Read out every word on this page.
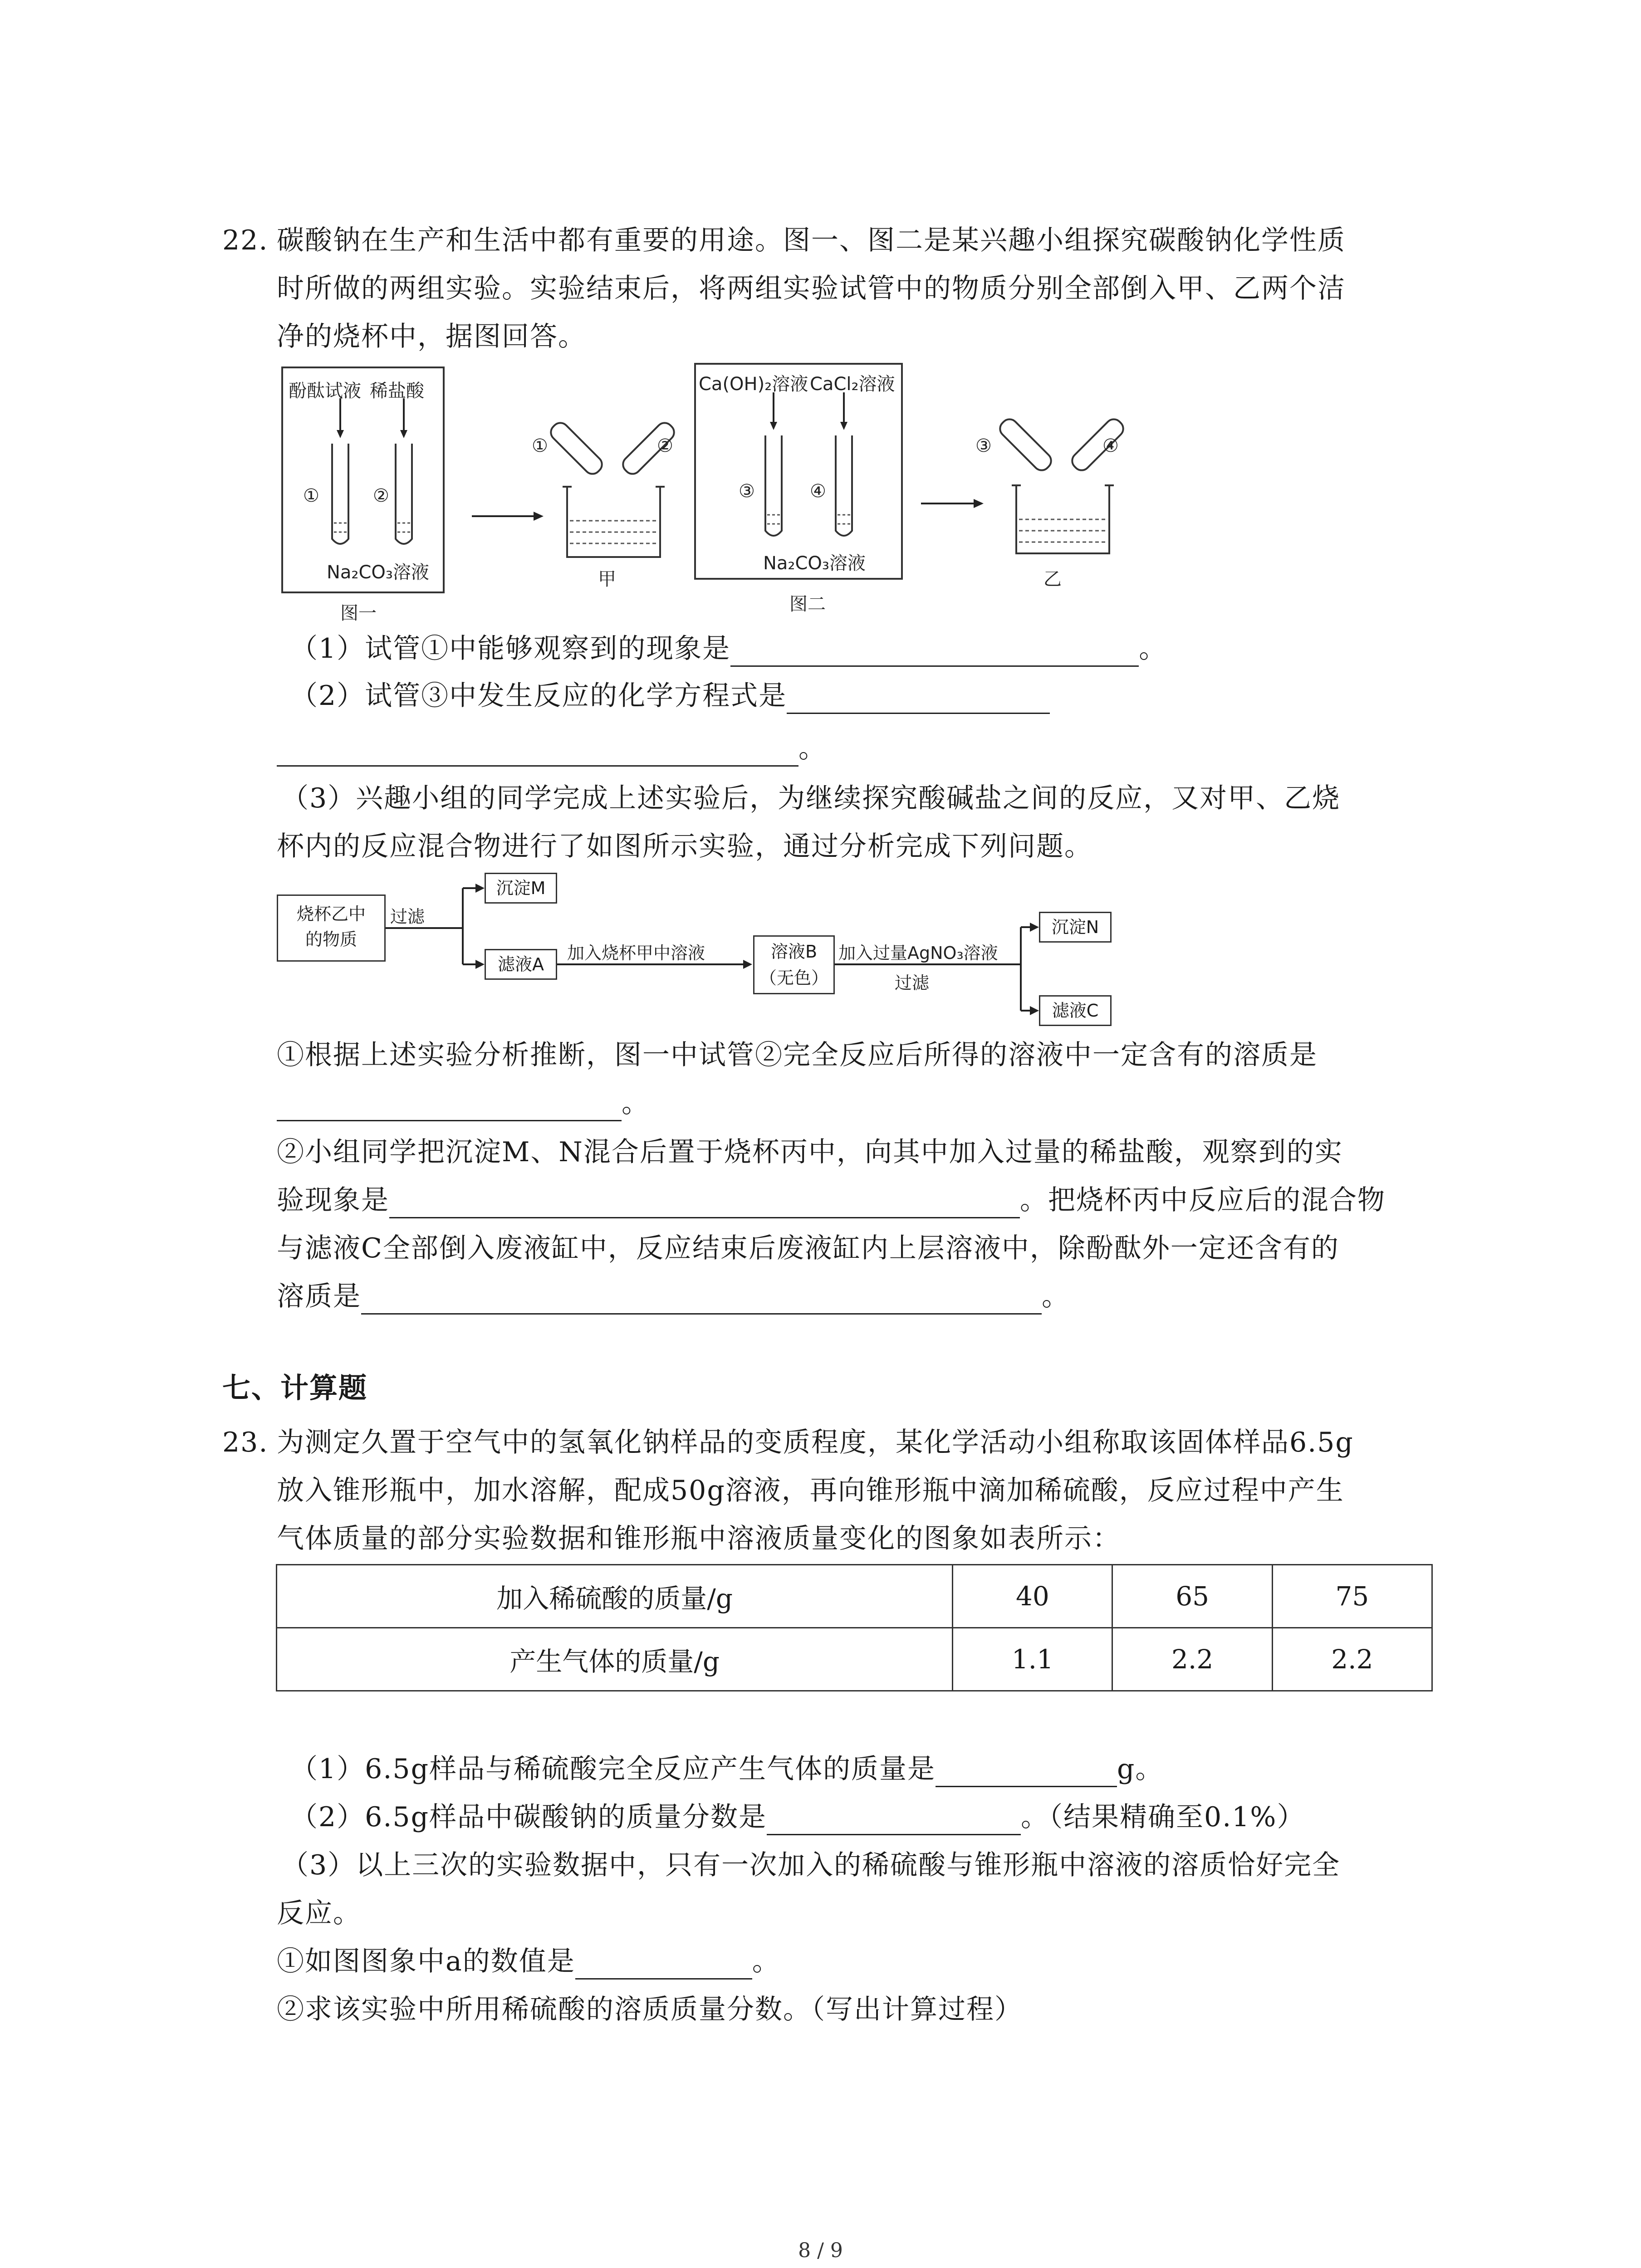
22. 碳酸钠在生产和生活中都有重要的用途。图一、图二是某兴趣小组探究碳酸钠化学性质
时所做的两组实验。实验结束后，将两组实验试管中的物质分别全部倒入甲、乙两个洁
净的烧杯中，据图回答。
酚酞试液 稀盐酸
①	②
Na₂CO₃溶液
图一
①	②
甲
Ca(OH)₂溶液 CaCl₂溶液
③	④
Na₂CO₃溶液
图二
③	④
乙
（1）试管①中能够观察到的现象是	。
（2）试管③中发生反应的化学方程式是
。
（3）兴趣小组的同学完成上述实验后，为继续探究酸碱盐之间的反应，又对甲、乙烧
杯内的反应混合物进行了如图所示实验，通过分析完成下列问题。
烧杯乙中
的物质
沉淀M
滤液A
溶液B
（无色）
沉淀N
滤液C
过滤
加入烧杯甲中溶液	加入过量AgNO₃溶液
过滤
①根据上述实验分析推断，图一中试管②完全反应后所得的溶液中一定含有的溶质是
。
②小组同学把沉淀M、N混合后置于烧杯丙中，向其中加入过量的稀盐酸，观察到的实
验现象是	。把烧杯丙中反应后的混合物
与滤液C全部倒入废液缸中，反应结束后废液缸内上层溶液中，除酚酞外一定还含有的
溶质是	。
七、计算题
23. 为测定久置于空气中的氢氧化钠样品的变质程度，某化学活动小组称取该固体样品6.5g
放入锥形瓶中，加水溶解，配成50g溶液，再向锥形瓶中滴加稀硫酸，反应过程中产生
气体质量的部分实验数据和锥形瓶中溶液质量变化的图象如表所示：
加入稀硫酸的质量/g	40	65	75
产生气体的质量/g	1.1	2.2	2.2
（1）6.5g样品与稀硫酸完全反应产生气体的质量是	g。
（2）6.5g样品中碳酸钠的质量分数是	。（结果精确至0.1%）
（3）以上三次的实验数据中，只有一次加入的稀硫酸与锥形瓶中溶液的溶质恰好完全
反应。
①如图图象中a的数值是	。
②求该实验中所用稀硫酸的溶质质量分数。（写出计算过程）
8 / 9
